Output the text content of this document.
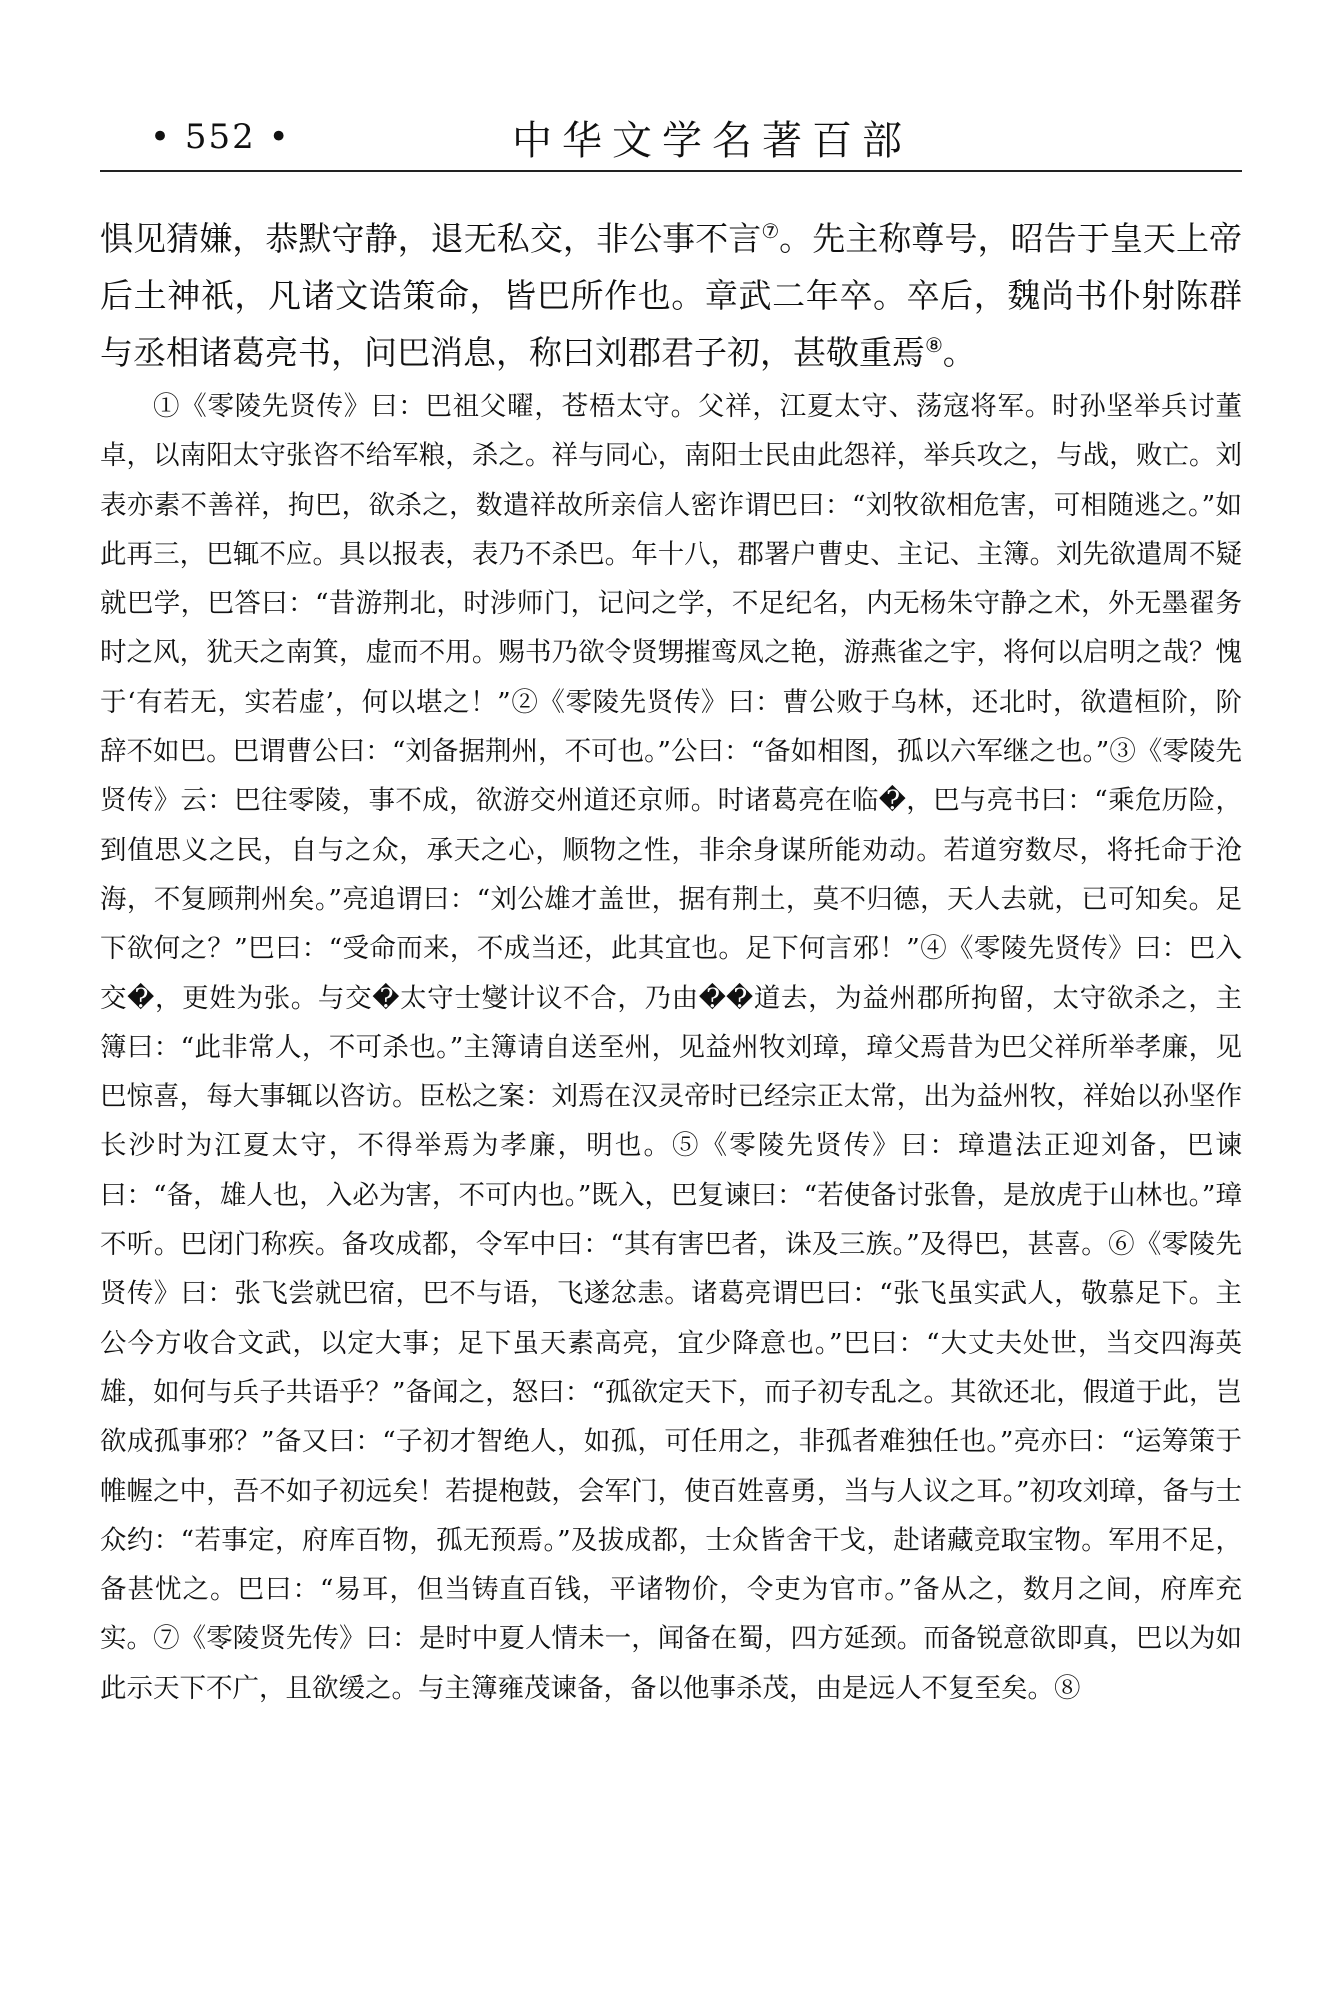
• 552 •	中华文学名著百部

惧见猜嫌，恭默守静，退无私交，非公事不言⑦。先主称尊号，昭告于皇天上帝后土神祇，凡诸文诰策命，皆巴所作也。章武二年卒。卒后，魏尚书仆射陈群与丞相诸葛亮书，问巴消息，称曰刘郡君子初，甚敬重焉⑧。

①《零陵先贤传》曰：巴祖父曜，苍梧太守。父祥，江夏太守、荡寇将军。时孙坚举兵讨董卓，以南阳太守张咨不给军粮，杀之。祥与同心，南阳士民由此怨祥，举兵攻之，与战，败亡。刘表亦素不善祥，拘巴，欲杀之，数遣祥故所亲信人密诈谓巴曰：“刘牧欲相危害，可相随逃之。”如此再三，巴辄不应。具以报表，表乃不杀巴。年十八，郡署户曹史、主记、主簿。刘先欲遣周不疑就巴学，巴答曰：“昔游荆北，时涉师门，记问之学，不足纪名，内无杨朱守静之术，外无墨翟务时之风，犹天之南箕，虚而不用。赐书乃欲令贤甥摧鸾凤之艳，游燕雀之宇，将何以启明之哉？愧于‘有若无，实若虚’，何以堪之！”②《零陵先贤传》曰：曹公败于乌林，还北时，欲遣桓阶，阶辞不如巴。巴谓曹公曰：“刘备据荆州，不可也。”公曰：“备如相图，孤以六军继之也。”③《零陵先贤传》云：巴往零陵，事不成，欲游交州道还京师。时诸葛亮在临�，巴与亮书曰：“乘危历险，到值思义之民，自与之众，承天之心，顺物之性，非余身谋所能劝动。若道穷数尽，将托命于沧海，不复顾荆州矣。”亮追谓曰：“刘公雄才盖世，据有荆土，莫不归德，天人去就，已可知矣。足下欲何之？”巴曰：“受命而来，不成当还，此其宜也。足下何言邪！”④《零陵先贤传》曰：巴入交�，更姓为张。与交�太守士燮计议不合，乃由��道去，为益州郡所拘留，太守欲杀之，主簿曰：“此非常人，不可杀也。”主簿请自送至州，见益州牧刘璋，璋父焉昔为巴父祥所举孝廉，见巴惊喜，每大事辄以咨访。臣松之案：刘焉在汉灵帝时已经宗正太常，出为益州牧，祥始以孙坚作长沙时为江夏太守，不得举焉为孝廉，明也。⑤《零陵先贤传》曰：璋遣法正迎刘备，巴谏曰：“备，雄人也，入必为害，不可内也。”既入，巴复谏曰：“若使备讨张鲁，是放虎于山林也。”璋不听。巴闭门称疾。备攻成都，令军中曰：“其有害巴者，诛及三族。”及得巴，甚喜。⑥《零陵先贤传》曰：张飞尝就巴宿，巴不与语，飞遂忿恚。诸葛亮谓巴曰：“张飞虽实武人，敬慕足下。主公今方收合文武，以定大事；足下虽天素高亮，宜少降意也。”巴曰：“大丈夫处世，当交四海英雄，如何与兵子共语乎？”备闻之，怒曰：“孤欲定天下，而子初专乱之。其欲还北，假道于此，岂欲成孤事邪？”备又曰：“子初才智绝人，如孤，可任用之，非孤者难独任也。”亮亦曰：“运筹策于帷幄之中，吾不如子初远矣！若提枹鼓，会军门，使百姓喜勇，当与人议之耳。”初攻刘璋，备与士众约：“若事定，府库百物，孤无预焉。”及拔成都，士众皆舍干戈，赴诸藏竞取宝物。军用不足，备甚忧之。巴曰：“易耳，但当铸直百钱，平诸物价，令吏为官市。”备从之，数月之间，府库充实。⑦《零陵贤先传》曰：是时中夏人情未一，闻备在蜀，四方延颈。而备锐意欲即真，巴以为如此示天下不广，且欲缓之。与主簿雍茂谏备，备以他事杀茂，由是远人不复至矣。⑧
